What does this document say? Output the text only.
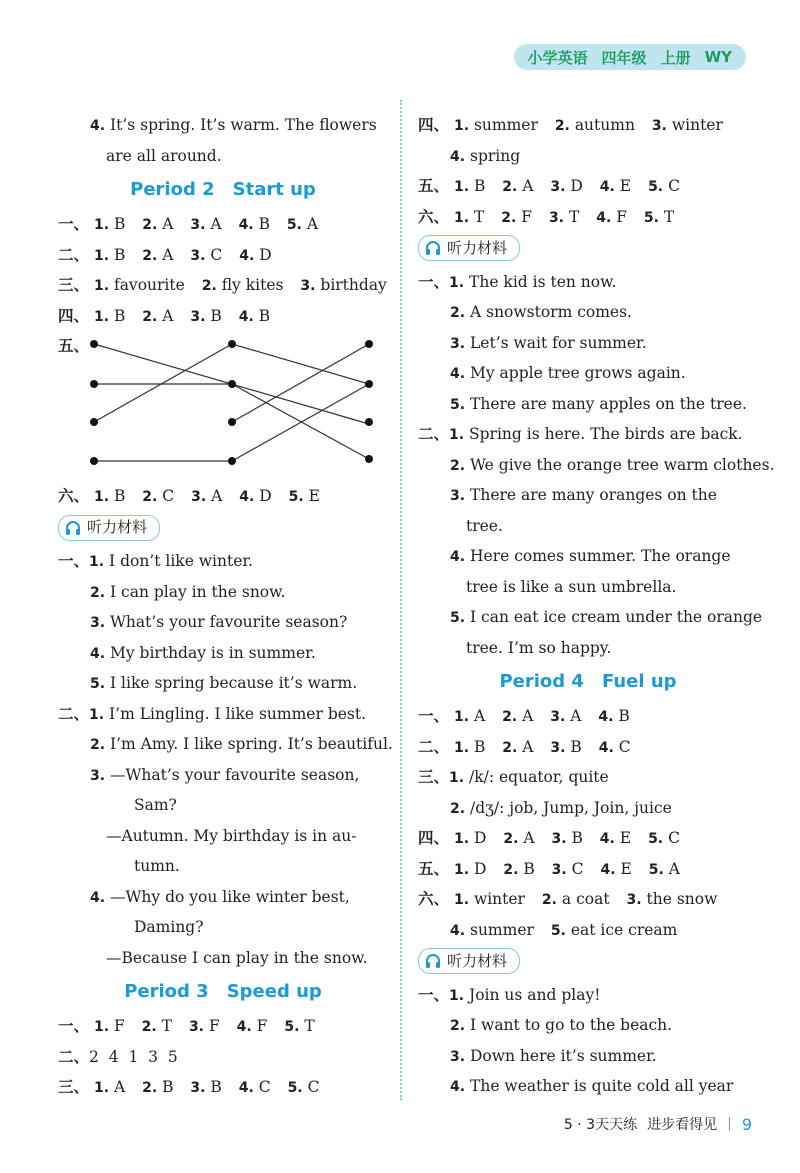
小学英语 四年级 上册 WY
4. It’s spring. It’s warm. The flowers
are all around.
Period 2 Start up
一、 1. B 2. A 3. A 4. B 5. A
二、 1. B 2. A 3. C 4. D
三、 1. favourite 2. fly kites 3. birthday
四、 1. B 2. A 3. B 4. B
五、
六、 1. B 2. C 3. A 4. D 5. E
听力材料
一、1. I don’t like winter.
2. I can play in the snow.
3. What’s your favourite season?
4. My birthday is in summer.
5. I like spring because it’s warm.
二、1. I’m Lingling. I like summer best.
2. I’m Amy. I like spring. It’s beautiful.
3. —What’s your favourite season,
Sam?
—Autumn. My birthday is in au-
tumn.
4. —Why do you like winter best,
Daming?
—Because I can play in the snow.
Period 3 Speed up
一、 1. F 2. T 3. F 4. F 5. T
二、2  4  1  3  5
三、 1. A 2. B 3. B 4. C 5. C
四、 1. summer 2. autumn 3. winter
4. spring
五、 1. B 2. A 3. D 4. E 5. C
六、 1. T 2. F 3. T 4. F 5. T
听力材料
一、1. The kid is ten now.
2. A snowstorm comes.
3. Let’s wait for summer.
4. My apple tree grows again.
5. There are many apples on the tree.
二、1. Spring is here. The birds are back.
2. We give the orange tree warm clothes.
3. There are many oranges on the
tree.
4. Here comes summer. The orange
tree is like a sun umbrella.
5. I can eat ice cream under the orange
tree. I’m so happy.
Period 4 Fuel up
一、 1. A 2. A 3. A 4. B
二、 1. B 2. A 3. B 4. C
三、1. /k/: equator, quite
2. /dʒ/: job, Jump, Join, juice
四、 1. D 2. A 3. B 4. E 5. C
五、 1. D 2. B 3. C 4. E 5. A
六、 1. winter 2. a coat 3. the snow
4. summer 5. eat ice cream
听力材料
一、1. Join us and play!
2. I want to go to the beach.
3. Down here it’s summer.
4. The weather is quite cold all year
5 · 3天天练 进步看得见 | 9
